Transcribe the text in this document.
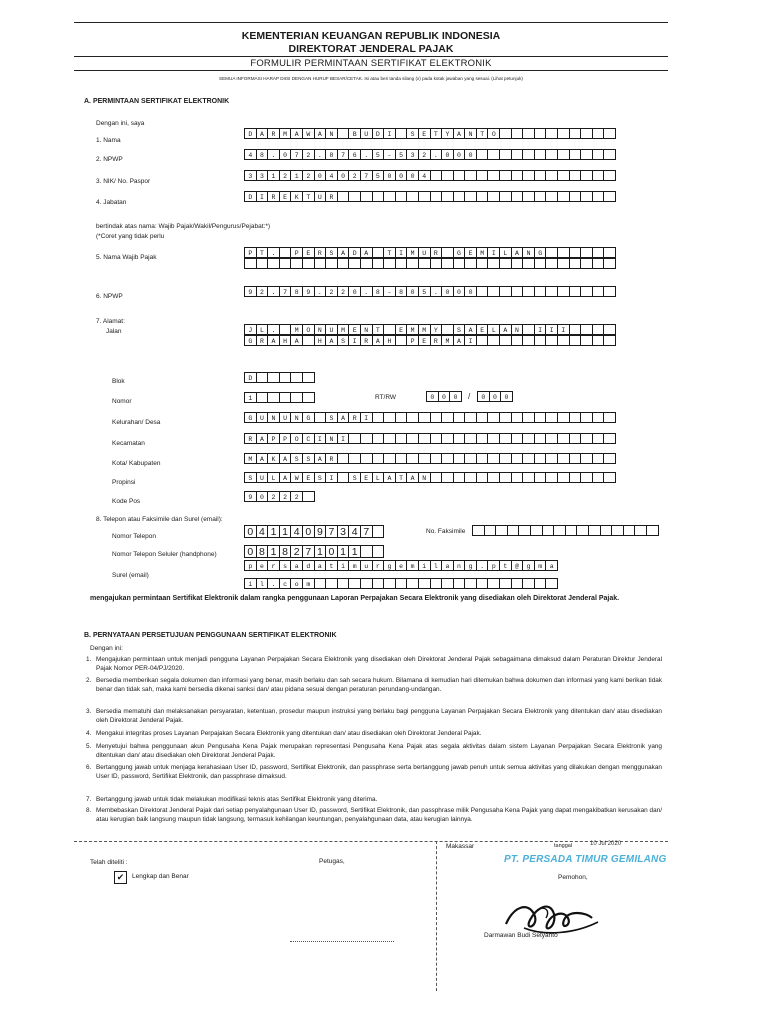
KEMENTERIAN KEUANGAN REPUBLIK INDONESIA
DIREKTORAT JENDERAL PAJAK
FORMULIR PERMINTAAN SERTIFIKAT ELEKTRONIK
SEMUA INFORMASI HARAP DIISI DENGAN HURUF BESAR/CETAK. Isi atau beri tanda silang (x) pada kotak jawaban yang sesuai. (Lihat petunjuk)
A. PERMINTAAN SERTIFIKAT ELEKTRONIK
Dengan ini, saya
1. Nama
D	A	R	M	A	W	A	N	B	U	D	I	S	E	T	Y	A	N	T	O
2. NPWP
4	8	.	0	7	2	.	8	7	6	.	5	-	5	3	2	.	0	0	0
3. NIK/ No. Paspor
3	3	1	2	1	2	0	4	0	2	7	5	0	0	0	4
4. Jabatan
D	I	R	E	K	T	U	R
bertindak atas nama: Wajib Pajak/Wakil/Pengurus/Pejabat:*)
(*Coret yang tidak perlu
5. Nama Wajib Pajak
P	T	.	P	E	R	S	A	D	A	T	I	M	U	R	G	E	M	I	L	A	N	G
6. NPWP
9	2	.	7	8	9	.	2	2	0	.	8	-	8	0	5	.	0	0	0
7. Alamat:
Jalan	J	L	.	M	O	N	U	M	E	N	T	E	M	M	Y	S	A	E	L	A	N	I	I	I
G	R	A	H	A	H	A	S	I	R	A	H	P	E	R	M	A	I
Blok	D
Nomor	1	RT/RW	0	0	0	/	0	0	0
Kelurahan/ Desa
G	U	N	U	N	G	S	A	R	I
Kecamatan
R	A	P	P	O	C	I	N	I
Kota/ Kabupaten
M	A	K	A	S	S	A	R
Propinsi
S	U	L	A	W	E	S	I	S	E	L	A	T	A	N
Kode Pos
9	0	2	2	2
8. Telepon atau Faksimile dan Surel (email):
Nomor Telepon	0 4 1 1 4 0 9 7 3 4 7	No. Faksimile
Nomor Telepon Seluler (handphone)	0 8 1 8 2 7 1 0 1 1
Surel (email)
p	e	r	s	a	d	a	t	i	m	u	r	g	e	m	i	l	a	n	g	.	p	t	@	g	m	a
i	l	.	c	o	m
mengajukan permintaan Sertifikat Elektronik dalam rangka penggunaan Laporan Perpajakan Secara Elektronik yang disediakan oleh Direktorat Jenderal Pajak.
B. PERNYATAAN PERSETUJUAN PENGGUNAAN SERTIFIKAT ELEKTRONIK
Dengan ini:
1. Mengajukan permintaan untuk menjadi pengguna Layanan Perpajakan Secara Elektronik yang disediakan oleh Direktorat Jenderal Pajak sebagaimana dimaksud dalam Peraturan Direktur Jenderal Pajak Nomor PER-04/PJ/2020.
2. Bersedia memberikan segala dokumen dan informasi yang benar, masih berlaku dan sah secara hukum. Bilamana di kemudian hari ditemukan bahwa dokumen dan informasi yang kami berikan tidak benar dan tidak sah, maka kami bersedia dikenai sanksi dan/ atau pidana sesuai dengan peraturan perundang-undangan.
3. Bersedia mematuhi dan melaksanakan persyaratan, ketentuan, prosedur maupun instruksi yang berlaku bagi pengguna Layanan Perpajakan Secara Elektronik yang ditentukan dan/ atau disediakan oleh Direktorat Jenderal Pajak.
4. Mengakui integritas proses Layanan Perpajakan Secara Elektronik yang ditentukan dan/ atau disediakan oleh Direktorat Jenderal Pajak.
5. Menyetujui bahwa penggunaan akun Pengusaha Kena Pajak merupakan representasi Pengusaha Kena Pajak atas segala aktivitas dalam sistem Layanan Perpajakan Secara Elektronik yang ditentukan dan/ atau disediakan oleh Direktorat Jenderal Pajak.
6. Bertanggung jawab untuk menjaga kerahasiaan User ID, password, Sertifikat Elektronik, dan passphrase serta bertanggung jawab penuh untuk semua aktivitas yang dilakukan dengan menggunakan User ID, password, Sertifikat Elektronik, dan passphrase dimaksud.
7. Bertanggung jawab untuk tidak melakukan modifikasi teknis atas Sertifikat Elektronik yang diterima.
8. Membebaskan Direktorat Jenderal Pajak dari setiap penyalahgunaan User ID, password, Sertifikat Elektronik, dan passphrase milik Pengusaha Kena Pajak yang dapat mengakibatkan kerusakan dan/ atau kerugian baik langsung maupun tidak langsung, termasuk kehilangan keuntungan, penyalahgunaan data, atau kerugian lainnya.
Telah diteliti :	Petugas,
✔	Lengkap dan Benar
Makassar	tanggal	10 Jul 2020
PT. PERSADA TIMUR GEMILANG
Pemohon,
Darmawan Budi Setyanto
